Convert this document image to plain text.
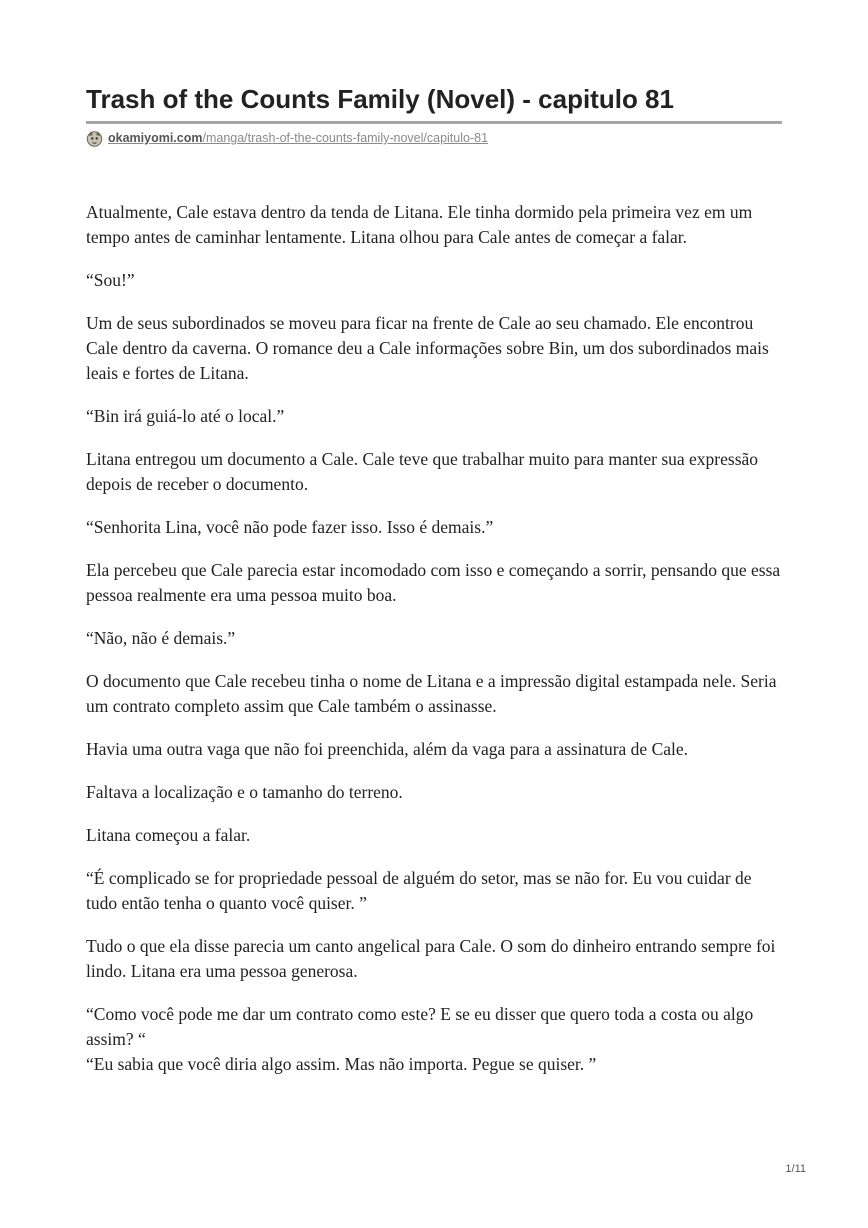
Trash of the Counts Family (Novel) - capitulo 81
okamiyomi.com/manga/trash-of-the-counts-family-novel/capitulo-81

Atualmente, Cale estava dentro da tenda de Litana. Ele tinha dormido pela primeira vez em um tempo antes de caminhar lentamente. Litana olhou para Cale antes de começar a falar.

“Sou!”

Um de seus subordinados se moveu para ficar na frente de Cale ao seu chamado. Ele encontrou Cale dentro da caverna. O romance deu a Cale informações sobre Bin, um dos subordinados mais leais e fortes de Litana.

“Bin irá guiá-lo até o local.”

Litana entregou um documento a Cale. Cale teve que trabalhar muito para manter sua expressão depois de receber o documento.

“Senhorita Lina, você não pode fazer isso. Isso é demais.”

Ela percebeu que Cale parecia estar incomodado com isso e começando a sorrir, pensando que essa pessoa realmente era uma pessoa muito boa.

“Não, não é demais.”

O documento que Cale recebeu tinha o nome de Litana e a impressão digital estampada nele. Seria um contrato completo assim que Cale também o assinasse.

Havia uma outra vaga que não foi preenchida, além da vaga para a assinatura de Cale.

Faltava a localização e o tamanho do terreno.

Litana começou a falar.

“É complicado se for propriedade pessoal de alguém do setor, mas se não for. Eu vou cuidar de tudo então tenha o quanto você quiser. ”

Tudo o que ela disse parecia um canto angelical para Cale. O som do dinheiro entrando sempre foi lindo. Litana era uma pessoa generosa.

“Como você pode me dar um contrato como este? E se eu disser que quero toda a costa ou algo assim? “

“Eu sabia que você diria algo assim. Mas não importa. Pegue se quiser. ”

1/11
